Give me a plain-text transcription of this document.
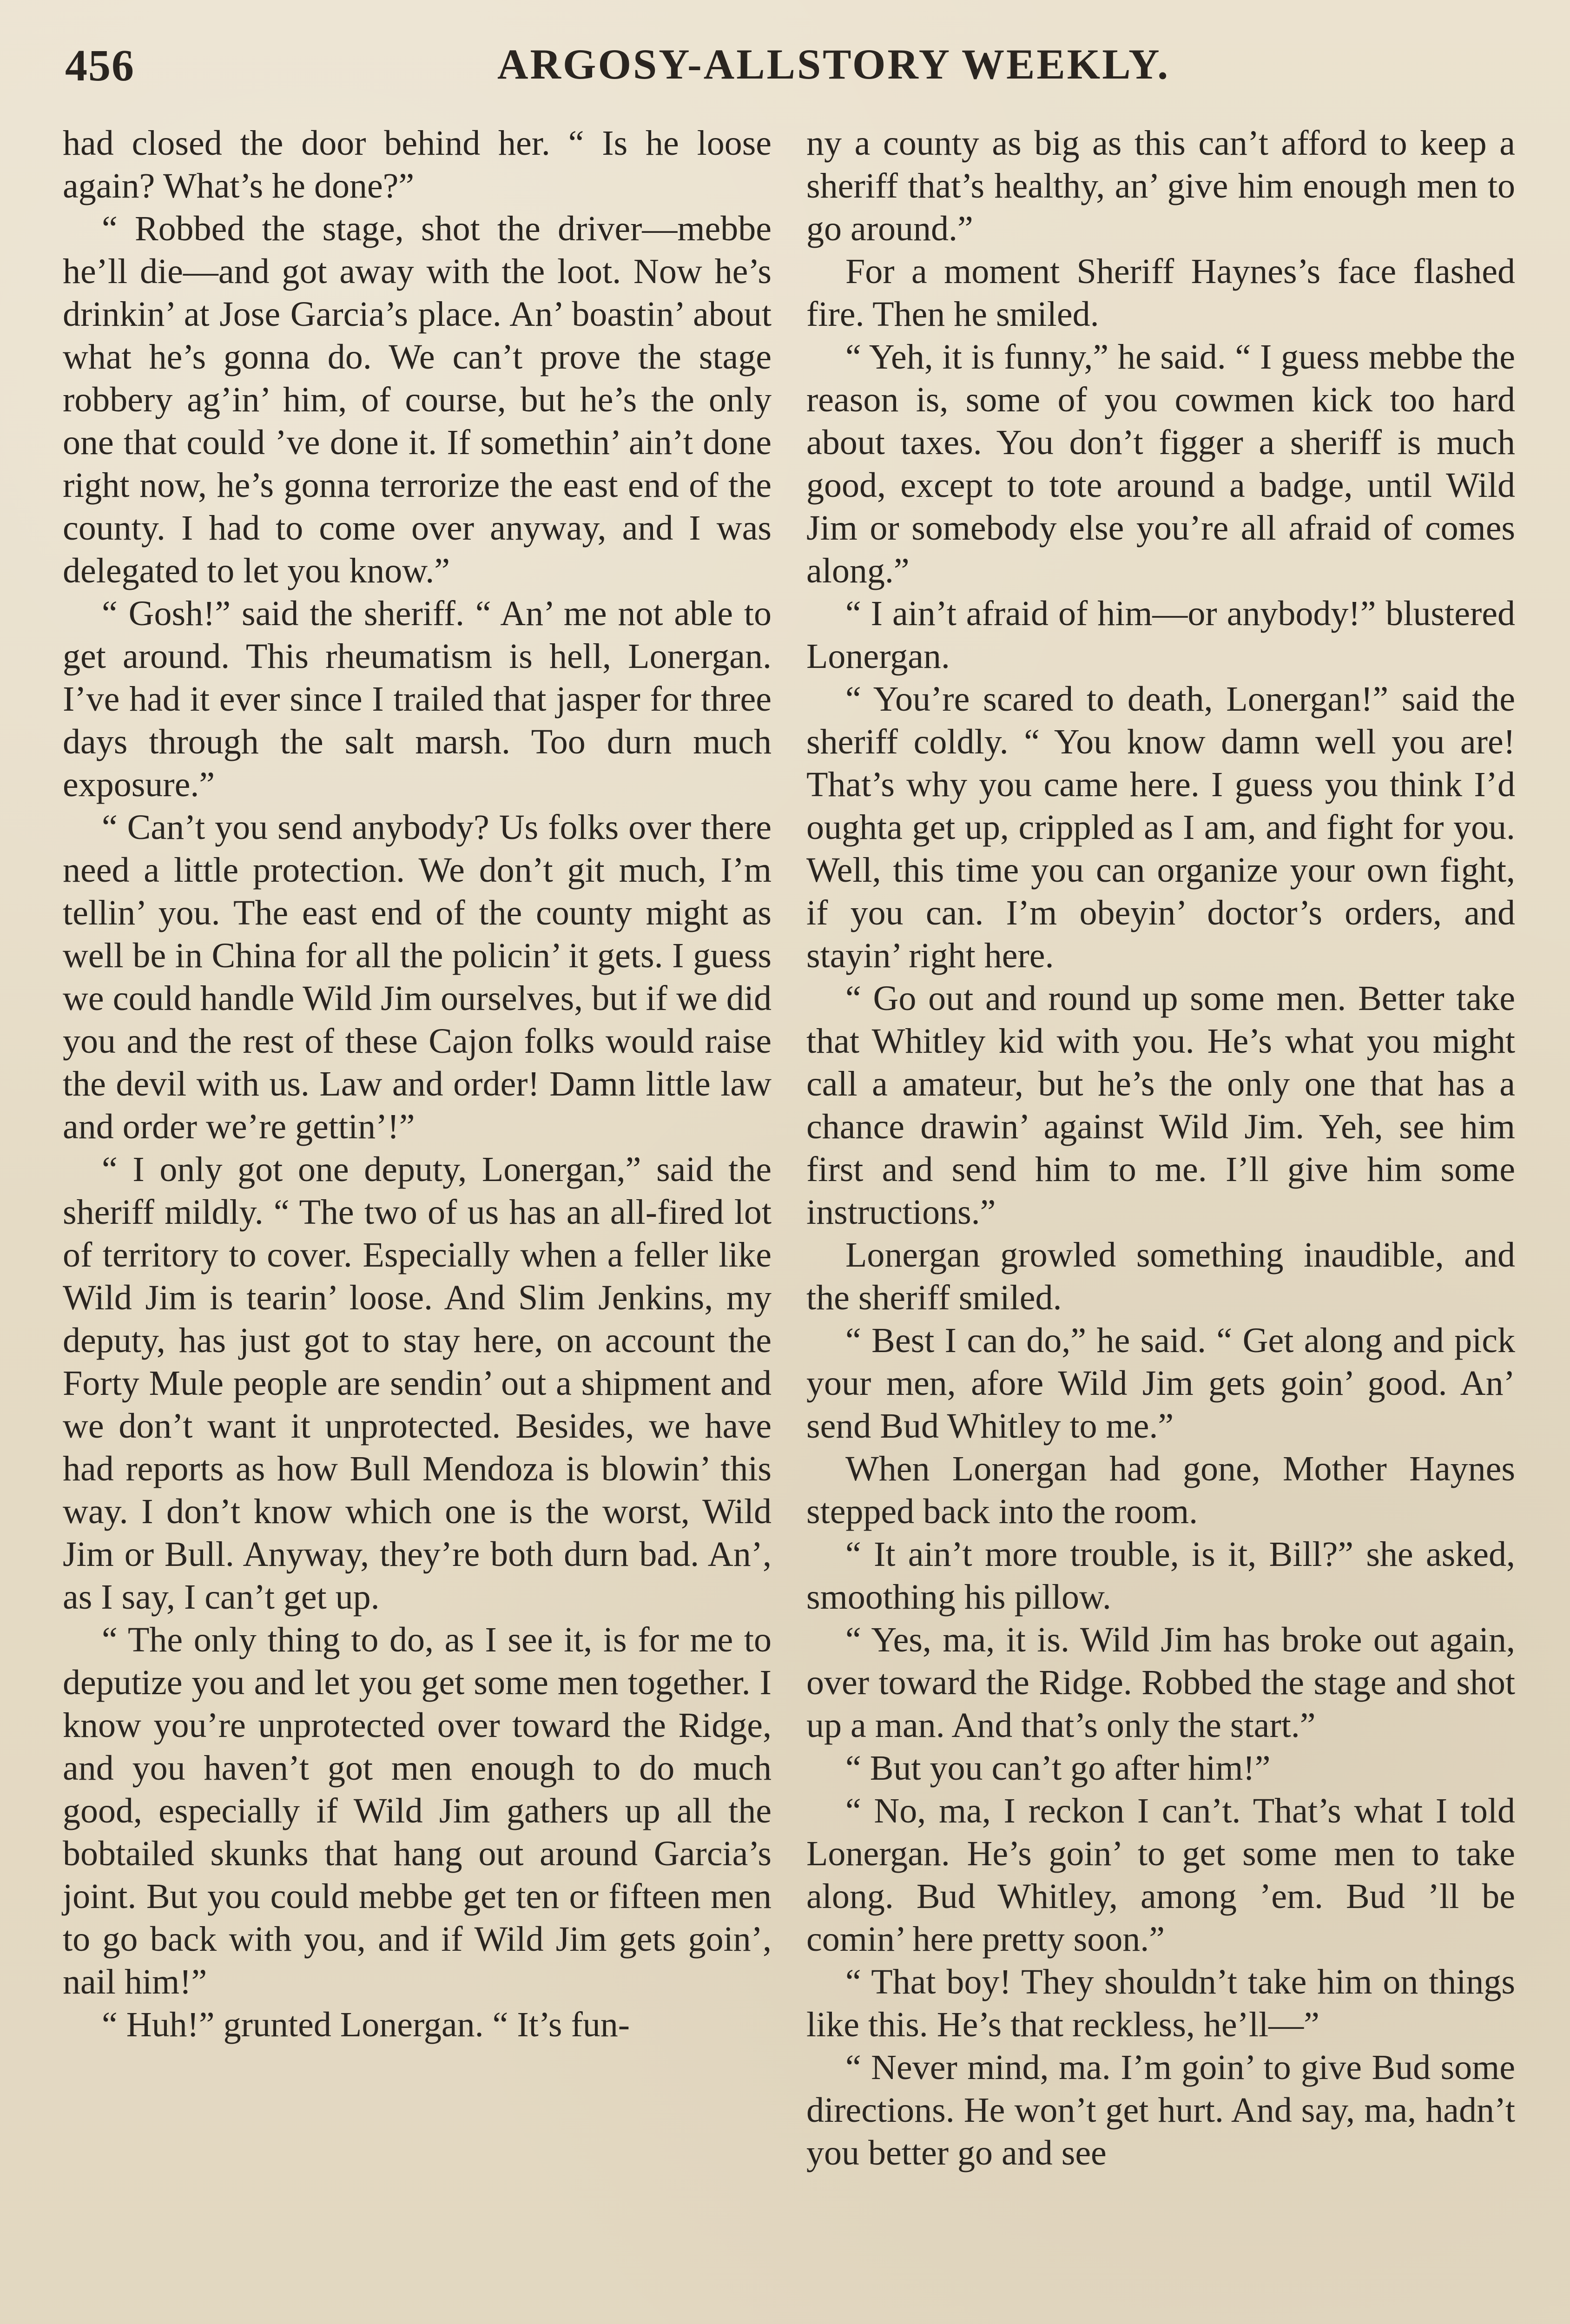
456	ARGOSY-ALLSTORY WEEKLY.

had closed the door behind her. “ Is he loose again? What’s he done?”

“ Robbed the stage, shot the driver—mebbe he’ll die—and got away with the loot. Now he’s drinkin’ at Jose Garcia’s place. An’ boastin’ about what he’s gonna do. We can’t prove the stage robbery ag’in’ him, of course, but he’s the only one that could ’ve done it. If somethin’ ain’t done right now, he’s gonna terrorize the east end of the county. I had to come over anyway, and I was delegated to let you know.”

“ Gosh!” said the sheriff. “ An’ me not able to get around. This rheumatism is hell, Lonergan. I’ve had it ever since I trailed that jasper for three days through the salt marsh. Too durn much exposure.”

“ Can’t you send anybody? Us folks over there need a little protection. We don’t git much, I’m tellin’ you. The east end of the county might as well be in China for all the policin’ it gets. I guess we could handle Wild Jim ourselves, but if we did you and the rest of these Cajon folks would raise the devil with us. Law and order! Damn little law and order we’re gettin’!”

“ I only got one deputy, Lonergan,” said the sheriff mildly. “ The two of us has an all-fired lot of territory to cover. Especially when a feller like Wild Jim is tearin’ loose. And Slim Jenkins, my deputy, has just got to stay here, on account the Forty Mule people are sendin’ out a shipment and we don’t want it unprotected. Besides, we have had reports as how Bull Mendoza is blowin’ this way. I don’t know which one is the worst, Wild Jim or Bull. Anyway, they’re both durn bad. An’, as I say, I can’t get up.

“ The only thing to do, as I see it, is for me to deputize you and let you get some men together. I know you’re unprotected over toward the Ridge, and you haven’t got men enough to do much good, especially if Wild Jim gathers up all the bobtailed skunks that hang out around Garcia’s joint. But you could mebbe get ten or fifteen men to go back with you, and if Wild Jim gets goin’, nail him!”

“ Huh!” grunted Lonergan. “ It’s fun-

ny a county as big as this can’t afford to keep a sheriff that’s healthy, an’ give him enough men to go around.”

For a moment Sheriff Haynes’s face flashed fire. Then he smiled.

“ Yeh, it is funny,” he said. “ I guess mebbe the reason is, some of you cowmen kick too hard about taxes. You don’t figger a sheriff is much good, except to tote around a badge, until Wild Jim or somebody else you’re all afraid of comes along.”

“ I ain’t afraid of him—or anybody!” blustered Lonergan.

“ You’re scared to death, Lonergan!” said the sheriff coldly. “ You know damn well you are! That’s why you came here. I guess you think I’d oughta get up, crippled as I am, and fight for you. Well, this time you can organize your own fight, if you can. I’m obeyin’ doctor’s orders, and stayin’ right here.

“ Go out and round up some men. Better take that Whitley kid with you. He’s what you might call a amateur, but he’s the only one that has a chance drawin’ against Wild Jim. Yeh, see him first and send him to me. I’ll give him some instructions.”

Lonergan growled something inaudible, and the sheriff smiled.

“ Best I can do,” he said. “ Get along and pick your men, afore Wild Jim gets goin’ good. An’ send Bud Whitley to me.”

When Lonergan had gone, Mother Haynes stepped back into the room.

“ It ain’t more trouble, is it, Bill?” she asked, smoothing his pillow.

“ Yes, ma, it is. Wild Jim has broke out again, over toward the Ridge. Robbed the stage and shot up a man. And that’s only the start.”

“ But you can’t go after him!”

“ No, ma, I reckon I can’t. That’s what I told Lonergan. He’s goin’ to get some men to take along. Bud Whitley, among ’em. Bud ’ll be comin’ here pretty soon.”

“ That boy! They shouldn’t take him on things like this. He’s that reckless, he’ll—”

“ Never mind, ma. I’m goin’ to give Bud some directions. He won’t get hurt. And say, ma, hadn’t you better go and see
